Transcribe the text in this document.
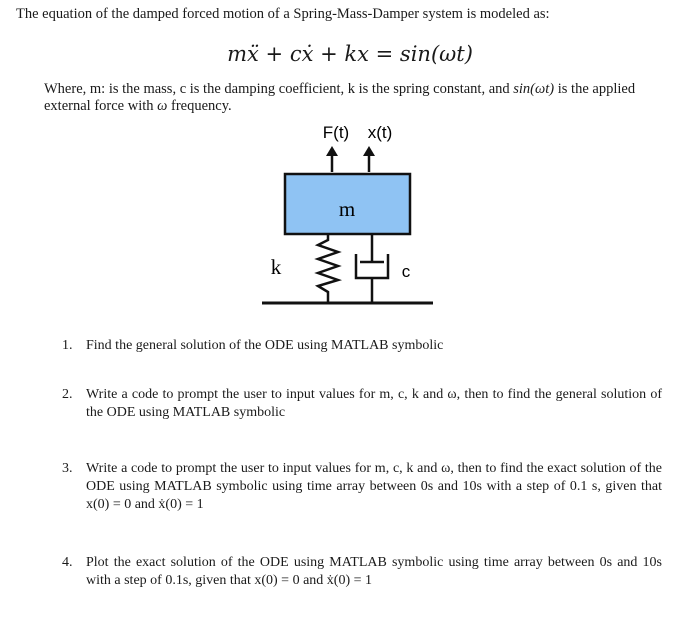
The equation of the damped forced motion of a Spring-Mass-Damper system is modeled as:
mẍ + cẋ + kx = sin(ωt)
Where, m: is the mass, c is the damping coefficient, k is the spring constant, and sin(ωt) is the applied external force with ω frequency.
F(t) x(t)
m
k	c
1. Find the general solution of the ODE using MATLAB symbolic
2. Write a code to prompt the user to input values for m, c, k and ω, then to find the general solution of the ODE using MATLAB symbolic
3. Write a code to prompt the user to input values for m, c, k and ω, then to find the exact solution of the ODE using MATLAB symbolic using time array between 0s and 10s with a step of 0.1 s, given that x(0) = 0 and ẋ(0) = 1
4. Plot the exact solution of the ODE using MATLAB symbolic using time array between 0s and 10s with a step of 0.1s, given that x(0) = 0 and ẋ(0) = 1
